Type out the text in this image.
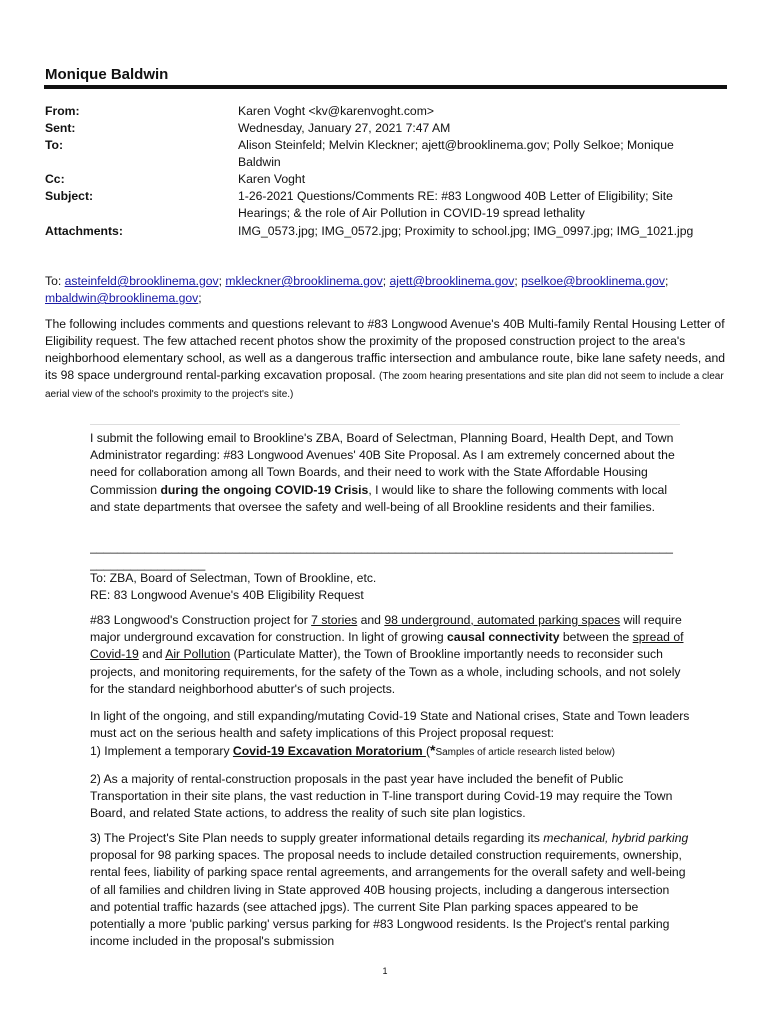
Monique Baldwin
From:	Karen Voght <kv@karenvoght.com>
Sent:	Wednesday, January 27, 2021 7:47 AM
To:	Alison Steinfeld; Melvin Kleckner; ajett@brooklinema.gov; Polly Selkoe; Monique Baldwin
Cc:	Karen Voght
Subject:	1-26-2021 Questions/Comments RE: #83 Longwood 40B Letter of Eligibility; Site Hearings; & the role of Air Pollution in COVID-19 spread lethality
Attachments:	IMG_0573.jpg; IMG_0572.jpg; Proximity to school.jpg; IMG_0997.jpg; IMG_1021.jpg
To: asteinfeld@brooklinema.gov; mkleckner@brooklinema.gov; ajett@brooklinema.gov; pselkoe@brooklinema.gov; mbaldwin@brooklinema.gov;
The following includes comments and questions relevant to #83 Longwood Avenue's 40B Multi-family Rental Housing Letter of Eligibility request. The few attached recent photos show the proximity of the proposed construction project to the area's neighborhood elementary school, as well as a dangerous traffic intersection and ambulance route, bike lane safety needs, and its 98 space underground rental-parking excavation proposal. (The zoom hearing presentations and site plan did not seem to include a clear aerial view of the school's proximity to the project's site.)
I submit the following email to Brookline's ZBA, Board of Selectman, Planning Board, Health Dept, and Town Administrator regarding: #83 Longwood Avenues' 40B Site Proposal. As I am extremely concerned about the need for collaboration among all Town Boards, and their need to work with the State Affordable Housing Commission during the ongoing COVID-19 Crisis, I would like to share the following comments with local and state departments that oversee the safety and well-being of all Brookline residents and their families.
______________________________________________________________________________________
_________________
To: ZBA, Board of Selectman, Town of Brookline, etc.
RE: 83 Longwood Avenue's 40B Eligibility Request
#83 Longwood's Construction project for 7 stories and 98 underground, automated parking spaces will require major underground excavation for construction. In light of growing causal connectivity between the spread of Covid-19 and Air Pollution (Particulate Matter), the Town of Brookline importantly needs to reconsider such projects, and monitoring requirements, for the safety of the Town as a whole, including schools, and not solely for the standard neighborhood abutter's of such projects.
In light of the ongoing, and still expanding/mutating Covid-19 State and National crises, State and Town leaders must act on the serious health and safety implications of this Project proposal request:
1) Implement a temporary Covid-19 Excavation Moratorium (*Samples of article research listed below)
2) As a majority of rental-construction proposals in the past year have included the benefit of Public Transportation in their site plans, the vast reduction in T-line transport during Covid-19 may require the Town Board, and related State actions, to address the reality of such site plan logistics.
3) The Project's Site Plan needs to supply greater informational details regarding its mechanical, hybrid parking proposal for 98 parking spaces. The proposal needs to include detailed construction requirements, ownership, rental fees, liability of parking space rental agreements, and arrangements for the overall safety and well-being of all families and children living in State approved 40B housing projects, including a dangerous intersection and potential traffic hazards (see attached jpgs). The current Site Plan parking spaces appeared to be potentially a more 'public parking' versus parking for #83 Longwood residents. Is the Project's rental parking income included in the proposal's submission
1
